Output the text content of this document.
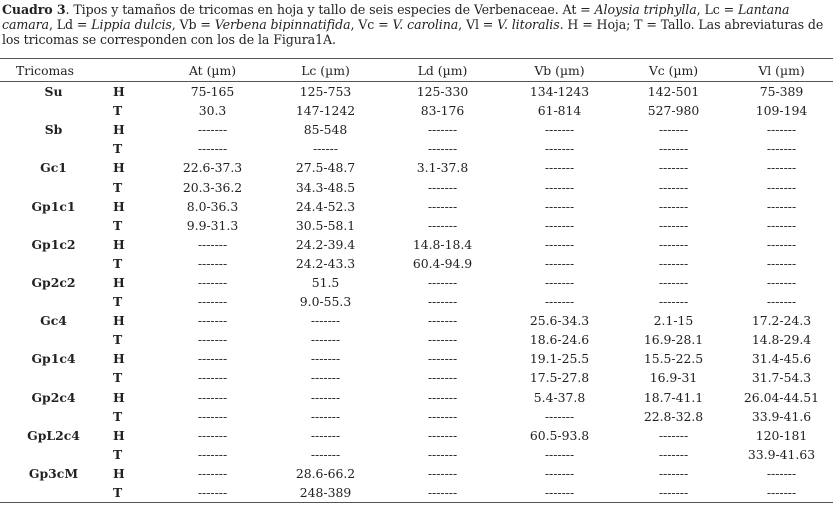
Cuadro 3. Tipos y tamaños de tricomas en hoja y tallo de seis especies de Verbenaceae. At = Aloysia triphylla, Lc = Lantana camara, Ld = Lippia dulcis, Vb = Verbena bipinnatifida, Vc = V. carolina, Vl = V. litoralis. H = Hoja; T = Tallo. Las abreviaturas de los tricomas se corresponden con los de la Figura1A.
Tricomas		At (µm)	Lc (µm)	Ld (µm)	Vb (µm)	Vc (µm)	Vl (µm)
Su	H	75-165	125-753	125-330	134-1243	142-501	75-389
	T	30.3	147-1242	83-176	61-814	527-980	109-194
Sb	H	-------	85-548	-------	-------	-------	-------
	T	-------	------	-------	-------	-------	-------
Gc1	H	22.6-37.3	27.5-48.7	3.1-37.8	-------	-------	-------
	T	20.3-36.2	34.3-48.5	-------	-------	-------	-------
Gp1c1	H	8.0-36.3	24.4-52.3	-------	-------	-------	-------
	T	9.9-31.3	30.5-58.1	-------	-------	-------	-------
Gp1c2	H	-------	24.2-39.4	14.8-18.4	-------	-------	-------
	T	-------	24.2-43.3	60.4-94.9	-------	-------	-------
Gp2c2	H	-------	51.5	-------	-------	-------	-------
	T	-------	9.0-55.3	-------	-------	-------	-------
Gc4	H	-------	-------	-------	25.6-34.3	2.1-15	17.2-24.3
	T	-------	-------	-------	18.6-24.6	16.9-28.1	14.8-29.4
Gp1c4	H	-------	-------	-------	19.1-25.5	15.5-22.5	31.4-45.6
	T	-------	-------	-------	17.5-27.8	16.9-31	31.7-54.3
Gp2c4	H	-------	-------	-------	5.4-37.8	18.7-41.1	26.04-44.51
	T	-------	-------	-------	-------	22.8-32.8	33.9-41.6
GpL2c4	H	-------	-------	-------	60.5-93.8	-------	120-181
	T	-------	-------	-------	-------	-------	33.9-41.63
Gp3cM	H	-------	28.6-66.2	-------	-------	-------	-------
	T	-------	248-389	-------	-------	-------	-------
